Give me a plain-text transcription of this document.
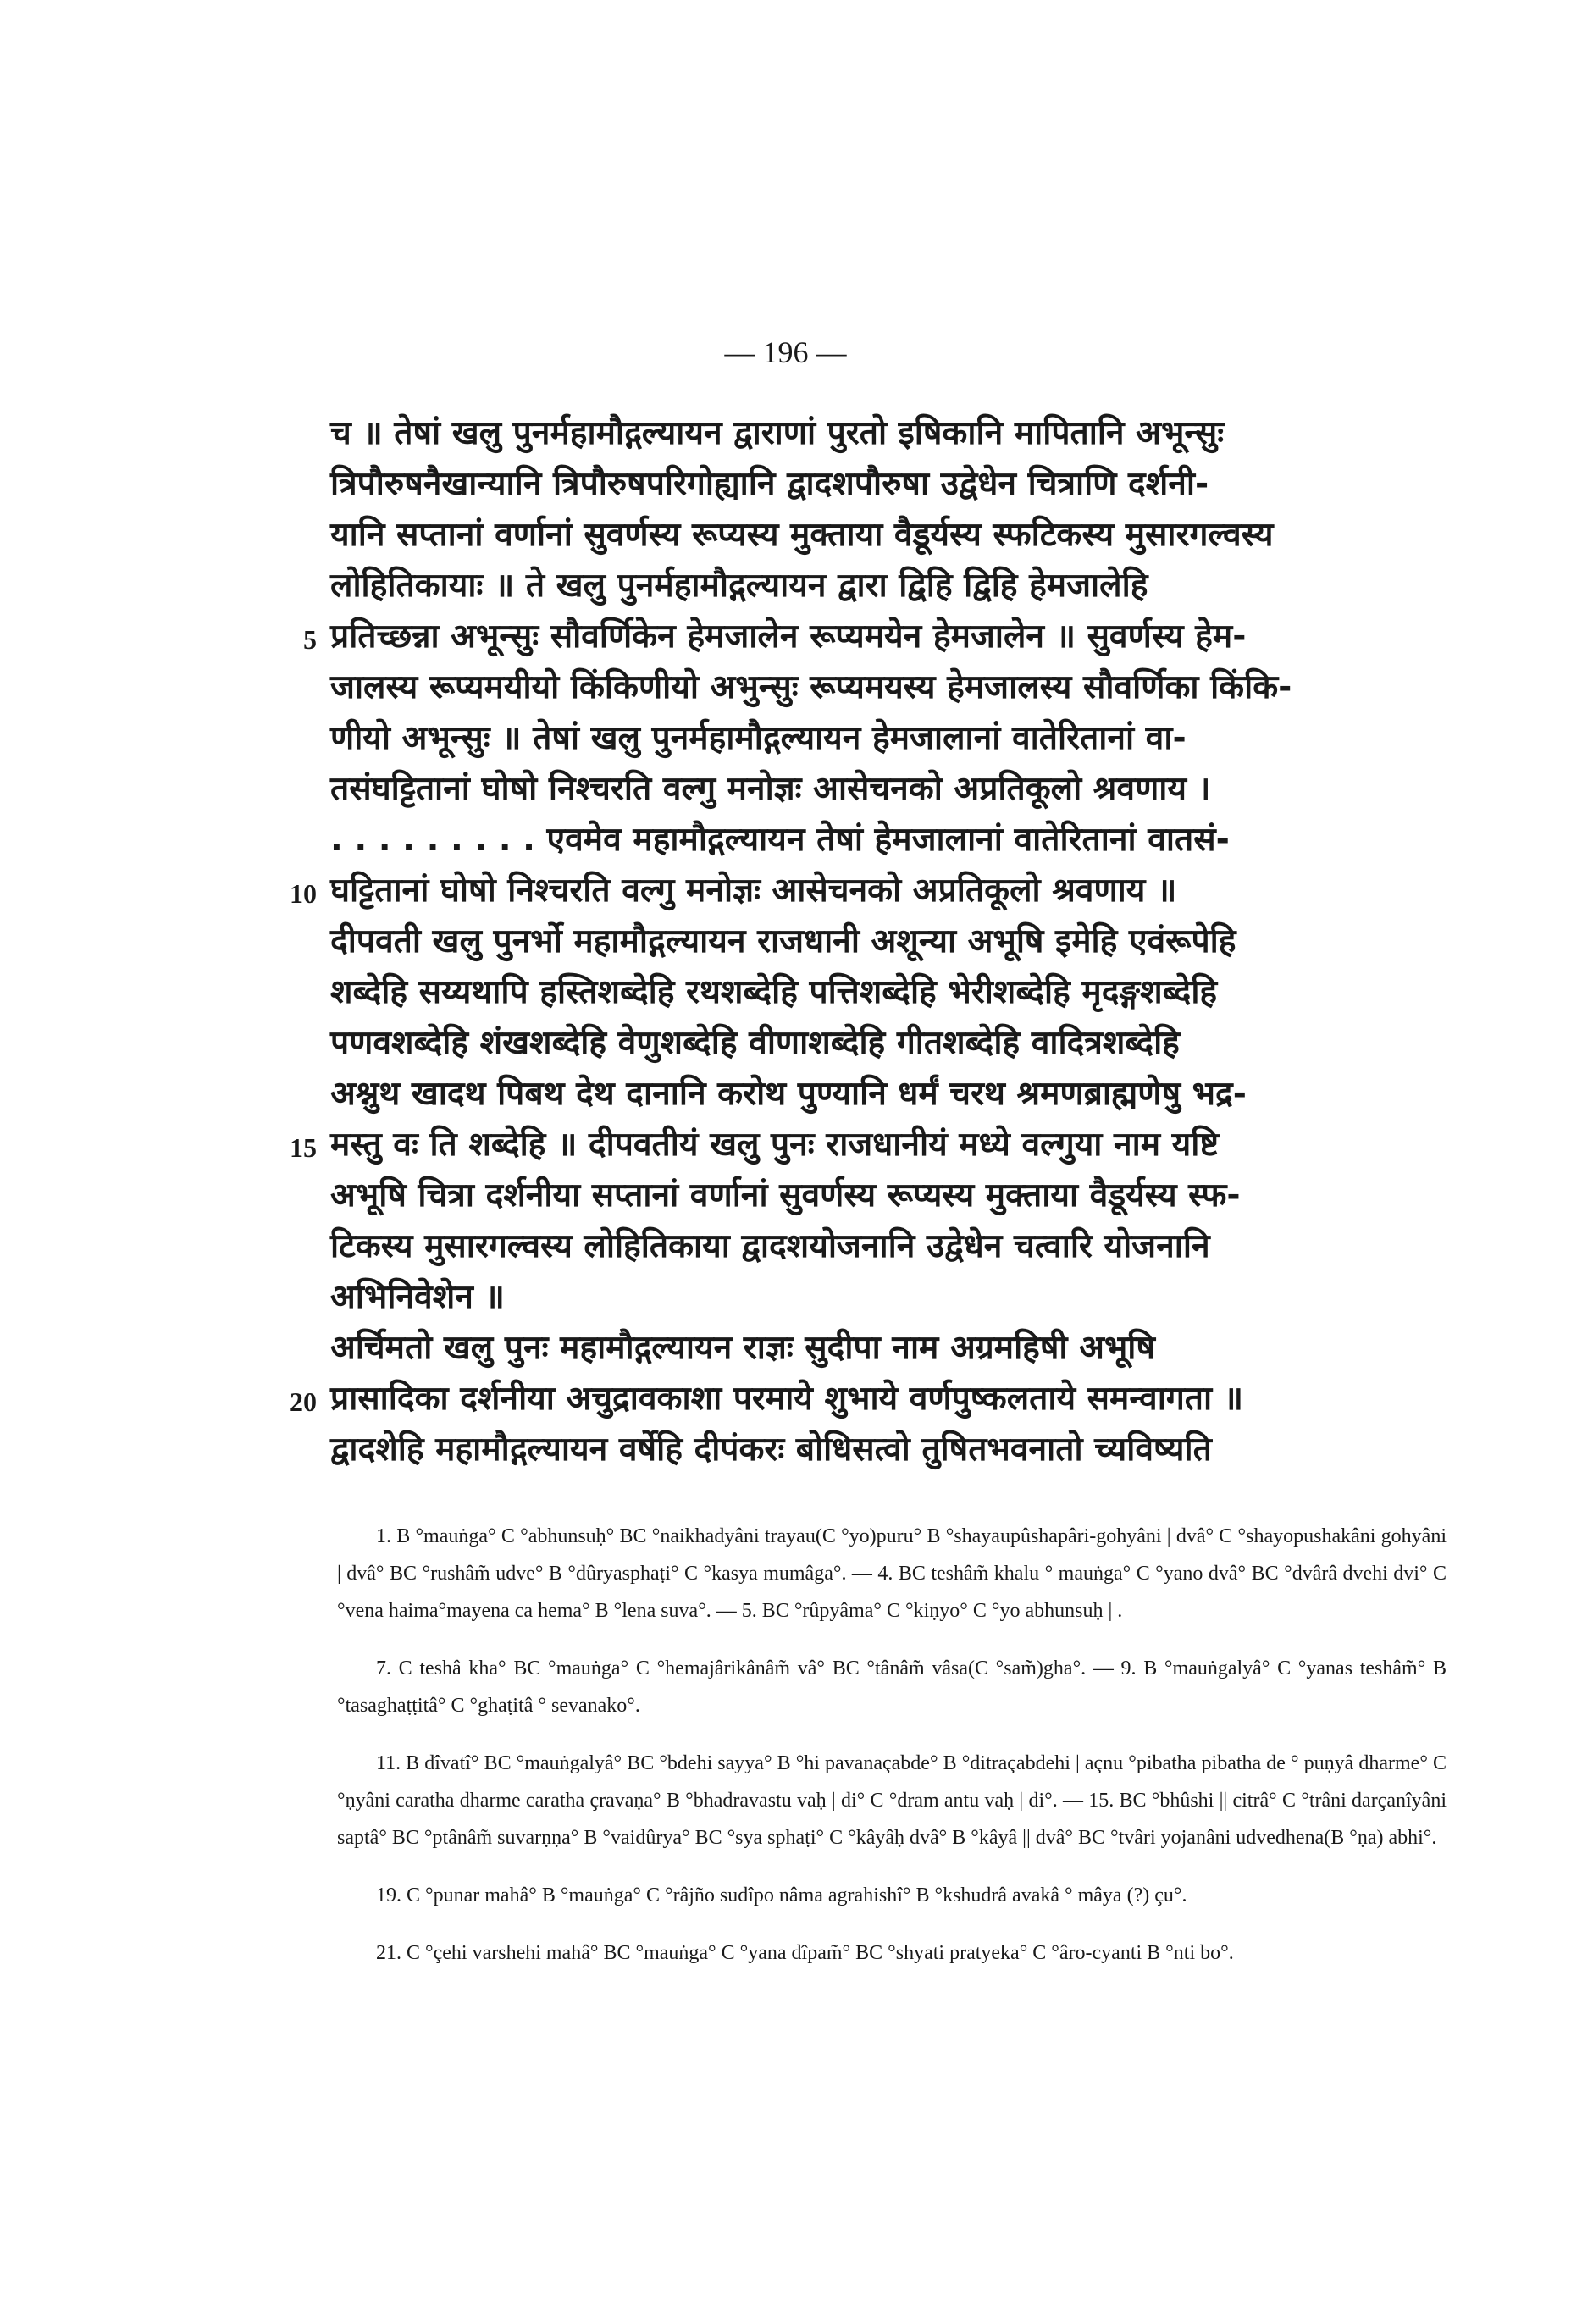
— 196 —
च ॥ तेषां खलु पुनर्महामौद्गल्यायन द्वाराणां पुरतो इषिकानि मापितानि अभून्सुः
त्रिपौरुषनैखान्यानि त्रिपौरुषपरिगोह्यानि द्वादशपौरुषा उद्वेधेन चित्राणि दर्शनी-
यानि सप्तानां वर्णानां सुवर्णस्य रूप्यस्य मुक्ताया वैडूर्यस्य स्फटिकस्य मुसारगल्वस्य
लोहितिकायाः ॥ ते खलु पुनर्महामौद्गल्यायन द्वारा द्विहि द्विहि हेमजालेहि
5 प्रतिच्छन्ना अभून्सुः सौवर्णिकेन हेमजालेन रूप्यमयेन हेमजालेन ॥ सुवर्णस्य हेम-
जालस्य रूप्यमयीयो किंकिणीयो अभुन्सुः रूप्यमयस्य हेमजालस्य सौवर्णिका किंकि-
णीयो अभून्सुः ॥ तेषां खलु पुनर्महामौद्गल्यायन हेमजालानां वातेरितानां वा-
तसंघट्टितानां घोषो निश्चरति वल्गु मनोज्ञः आसेचनको अप्रतिकूलो श्रवणाय ।
. . . . . . . . . एवमेव महामौद्गल्यायन तेषां हेमजालानां वातेरितानां वातसं-
10 घट्टितानां घोषो निश्चरति वल्गु मनोज्ञः आसेचनको अप्रतिकूलो श्रवणाय ॥
दीपवती खलु पुनर्भो महामौद्गल्यायन राजधानी अशून्या अभूषि इमेहि एवंरूपेहि
शब्देहि सय्यथापि हस्तिशब्देहि रथशब्देहि पत्तिशब्देहि भेरीशब्देहि मृदङ्गशब्देहि
पणवशब्देहि शंखशब्देहि वेणुशब्देहि वीणाशब्देहि गीतशब्देहि वादित्रशब्देहि
अश्नुथ खादथ पिबथ देथ दानानि करोथ पुण्यानि धर्मं चरथ श्रमणब्राह्मणेषु भद्र-
15 मस्तु वः ति शब्देहि ॥ दीपवतीयं खलु पुनः राजधानीयं मध्ये वल्गुया नाम यष्टि
अभूषि चित्रा दर्शनीया सप्तानां वर्णानां सुवर्णस्य रूप्यस्य मुक्ताया वैडूर्यस्य स्फ-
टिकस्य मुसारगल्वस्य लोहितिकाया द्वादशयोजनानि उद्वेधेन चत्वारि योजनानि
अभिनिवेशेन ॥
अर्चिमतो खलु पुनः महामौद्गल्यायन राज्ञः सुदीपा नाम अग्रमहिषी अभूषि
20 प्रासादिका दर्शनीया अचुद्रावकाशा परमाये शुभाये वर्णपुष्कलताये समन्वागता ॥
द्वादशेहि महामौद्गल्यायन वर्षेहि दीपंकरः बोधिसत्वो तुषितभवनातो च्यविष्यति

1. B °mauṅga° C °abhunsuḥ° BC °naikhadyâni trayau(C °yo)puru° B °shayaupûshapâri-gohyâni | dvâ° C °shayopushakâni gohyâni | dvâ° BC °rushâm̃ udve° B °dûryasphaṭi° C °kasya mumâga°. — 4. BC teshâm̃ khalu ° mauṅga° C °yano dvâ° BC °dvârâ dvehi dvi° C °vena haima°mayena ca hema° B °lena suva°. — 5. BC °rûpyâma° C °kiṇyo° C °yo abhunsuḥ | .

7. C teshâ kha° BC °mauṅga° C °hemajârikânâm̃ vâ° BC °tânâm̃ vâsa(C °sam̃)gha°. — 9. B °mauṅgalyâ° C °yanas teshâm̃° B °tasaghaṭṭitâ° C °ghaṭitâ ° sevanako°.

11. B dîvatî° BC °mauṅgalyâ° BC °bdehi sayya° B °hi pavanaçabde° B °ditraçabdehi | açnu °pibatha pibatha de ° puṇyâ dharme° C °ṇyâni caratha dharme caratha çravaṇa° B °bhadravastu vaḥ | di° C °dram antu vaḥ | di°. — 15. BC °bhûshi || citrâ° C °trâni darçanîyâni saptâ° BC °ptânâm̃ suvarṇṇa° B °vaidûrya° BC °sya sphaṭi° C °kâyâḥ dvâ° B °kâyâ || dvâ° BC °tvâri yojanâni udvedhena(B °ṇa) abhi°.

19. C °punar mahâ° B °mauṅga° C °râjño sudîpo nâma agrahishî° B °kshudrâ avakâ ° mâya (?) çu°.

21. C °çehi varshehi mahâ° BC °mauṅga° C °yana dîpam̃° BC °shyati pratyeka° C °âro-cyanti B °nti bo°.
